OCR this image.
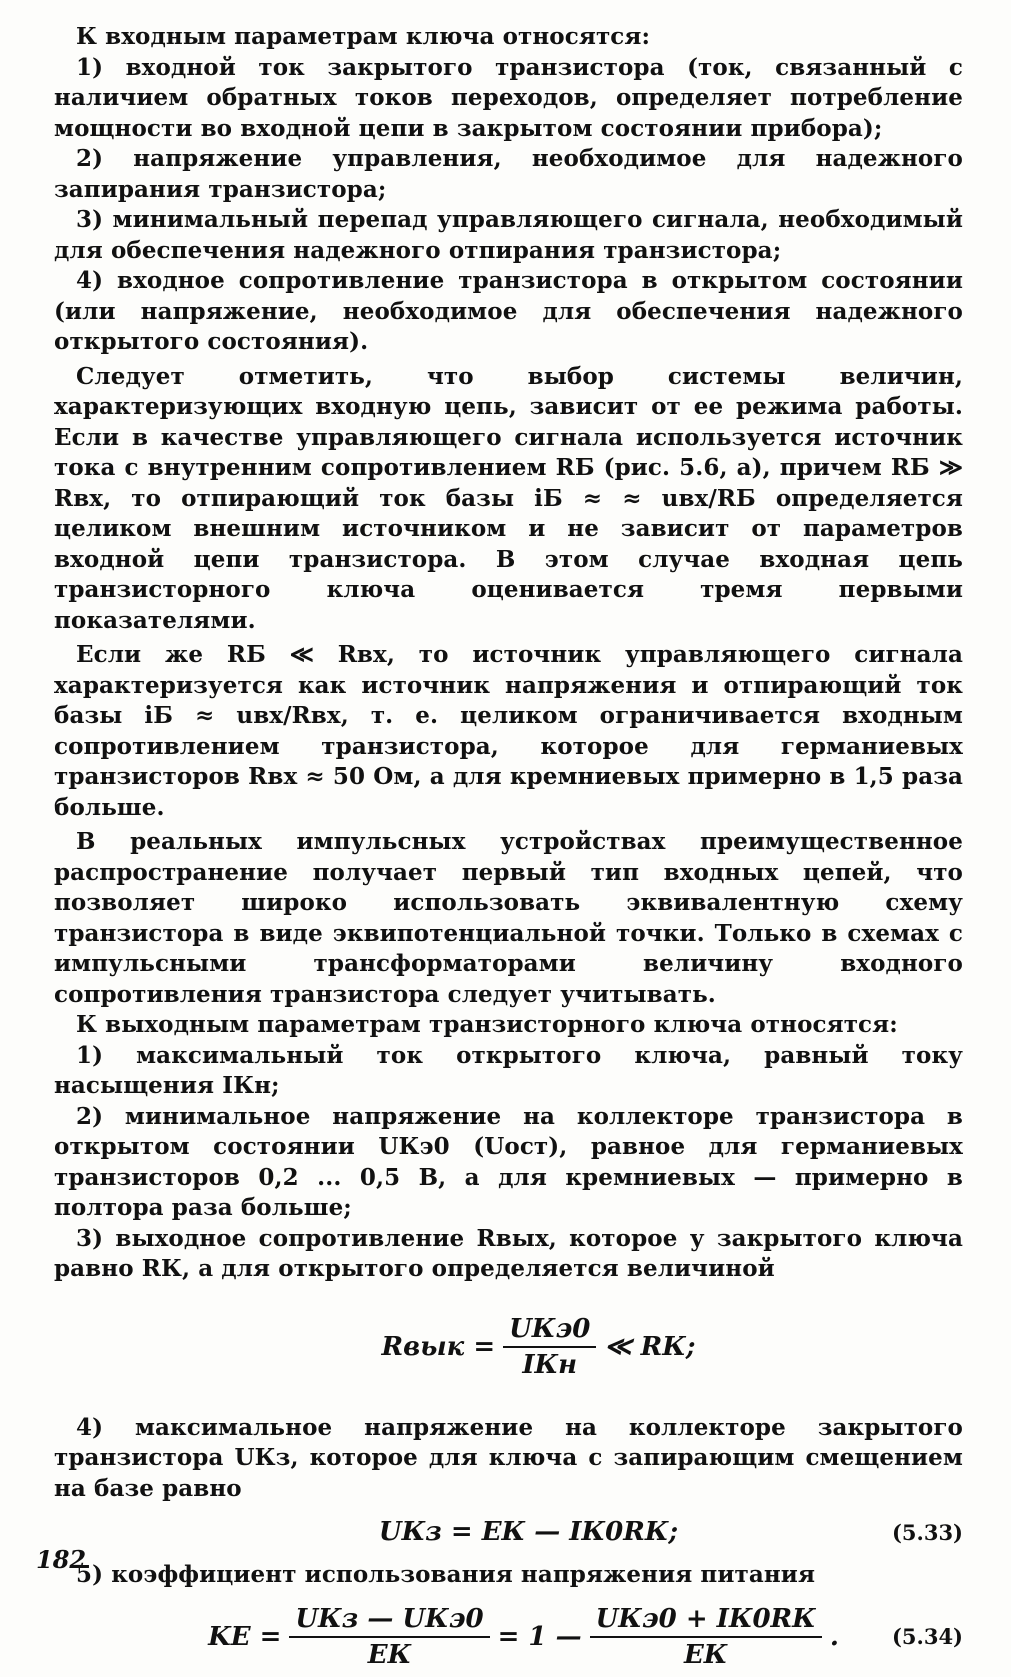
К входным параметрам ключа относятся:

1) входной ток закрытого транзистора (ток, связанный с наличием обратных токов переходов, определяет потребление мощности во входной цепи в закрытом состоянии прибора);

2) напряжение управления, необходимое для надежного запирания транзистора;

3) минимальный перепад управляющего сигнала, необходимый для обеспечения надежного отпирания транзистора;

4) входное сопротивление транзистора в открытом состоянии (или напряжение, необходимое для обеспечения надежного открытого состояния).

Следует отметить, что выбор системы величин, характеризующих входную цепь, зависит от ее режима работы. Если в качестве управляющего сигнала используется источник тока с внутренним сопротивлением RБ (рис. 5.6, а), причем RБ ≫ Rвх, то отпирающий ток базы iБ ≈ ≈ uвх/RБ определяется целиком внешним источником и не зависит от параметров входной цепи транзистора. В этом случае входная цепь транзисторного ключа оценивается тремя первыми показателями.

Если же RБ ≪ Rвх, то источник управляющего сигнала характеризуется как источник напряжения и отпирающий ток базы iБ ≈ uвх/Rвх, т. е. целиком ограничивается входным сопротивлением транзистора, которое для германиевых транзисторов Rвх ≈ 50 Ом, а для кремниевых примерно в 1,5 раза больше.

В реальных импульсных устройствах преимущественное распространение получает первый тип входных цепей, что позволяет широко использовать эквивалентную схему транзистора в виде эквипотенциальной точки. Только в схемах с импульсными трансформаторами величину входного сопротивления транзистора следует учитывать.

К выходным параметрам транзисторного ключа относятся:

1) максимальный ток открытого ключа, равный току насыщения IКн;

2) минимальное напряжение на коллекторе транзистора в открытом состоянии UКэ0 (Uост), равное для германиевых транзисторов 0,2 ... 0,5 В, а для кремниевых — примерно в полтора раза больше;

3) выходное сопротивление Rвых, которое у закрытого ключа равно RК, а для открытого определяется величиной

Rвык = $\frac{\text{UКэ0}}{\text{IКн}}$ ≪ RК;

4) максимальное напряжение на коллекторе закрытого транзистора UКз, которое для ключа с запирающим смещением на базе равно

UКз = EК — IК0RК;	(5.33)

5) коэффициент использования напряжения питания

KE = $\frac{\text{UКз — UКэ0}}{EК} = 1$ — $\frac{\text{UКэ0 + IК0RК}}{EК}$ .	(5.34)
182
